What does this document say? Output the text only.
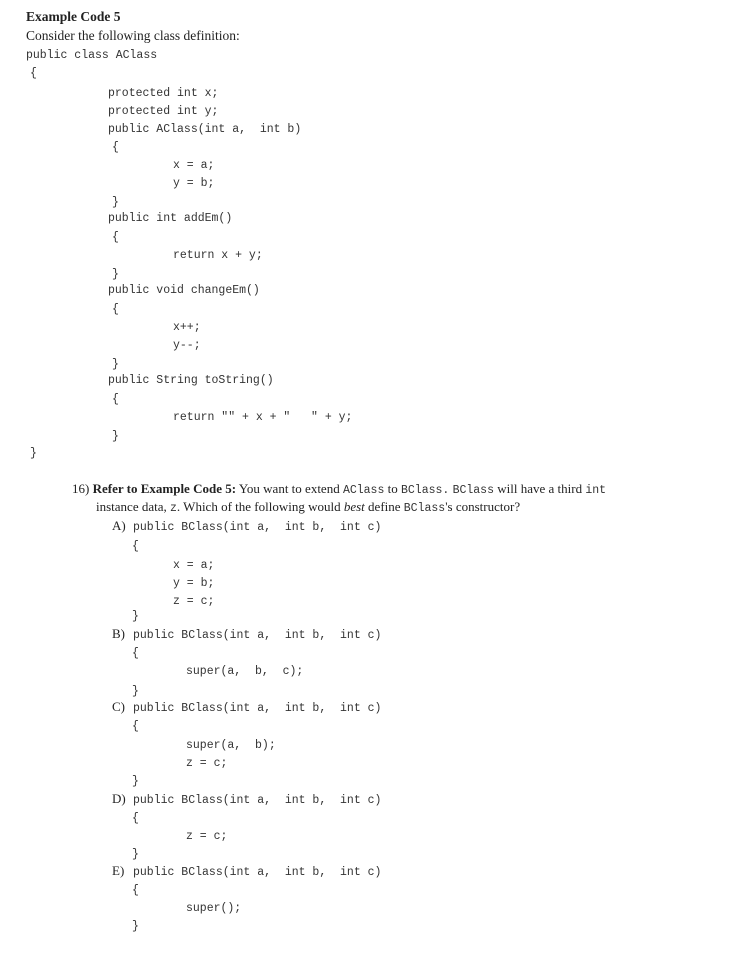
Example Code 5
Consider the following class definition:
public class AClass
{
protected int x;
protected int y;
public AClass(int a,  int b)
{
x = a;
y = b;
}
public int addEm()
{
return x + y;
}
public void changeEm()
{
x++;
y--;
}
public String toString()
{
return "" + x + "   " + y;
}
}
16) Refer to Example Code 5: You want to extend AClass to BClass. BClass will have a third int
instance data, z. Which of the following would best define BClass's constructor?
A) public BClass(int a,  int b,  int c)
{
x = a;
y = b;
z = c;
}
B) public BClass(int a,  int b,  int c)
{
super(a,  b,  c);
}
C) public BClass(int a,  int b,  int c)
{
super(a,  b);
z = c;
}
D) public BClass(int a,  int b,  int c)
{
z = c;
}
E) public BClass(int a,  int b,  int c)
{
super();
}
